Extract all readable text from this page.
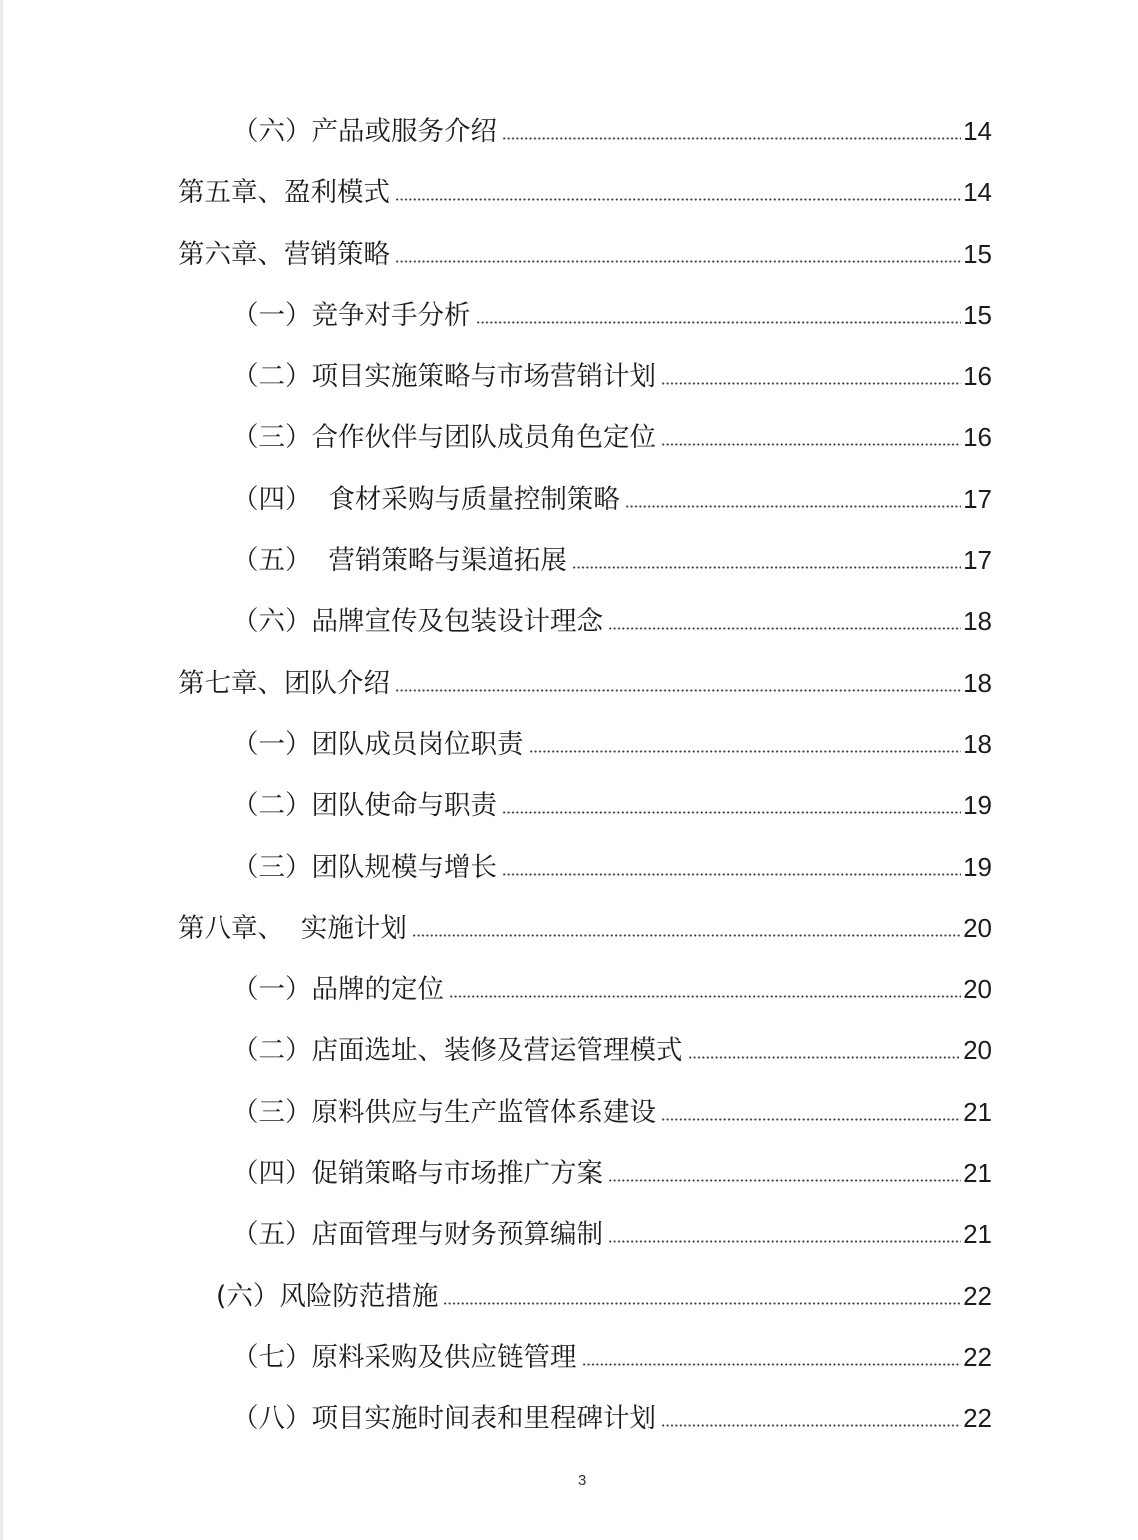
（六）产品或服务介绍	14
第五章、盈利模式	14
第六章、营销策略	15
（一）竞争对手分析	15
（二）项目实施策略与市场营销计划	16
（三）合作伙伴与团队成员角色定位	16
（四）  食材采购与质量控制策略	17
（五）  营销策略与渠道拓展	17
（六）品牌宣传及包装设计理念	18
第七章、团队介绍	18
（一）团队成员岗位职责	18
（二）团队使命与职责	19
（三）团队规模与增长	19
第八章、  实施计划	20
（一）品牌的定位	20
（二）店面选址、装修及营运管理模式	20
（三）原料供应与生产监管体系建设	21
（四）促销策略与市场推广方案	21
（五）店面管理与财务预算编制	21
(六）风险防范措施	22
（七）原料采购及供应链管理	22
（八）项目实施时间表和里程碑计划	22
3
